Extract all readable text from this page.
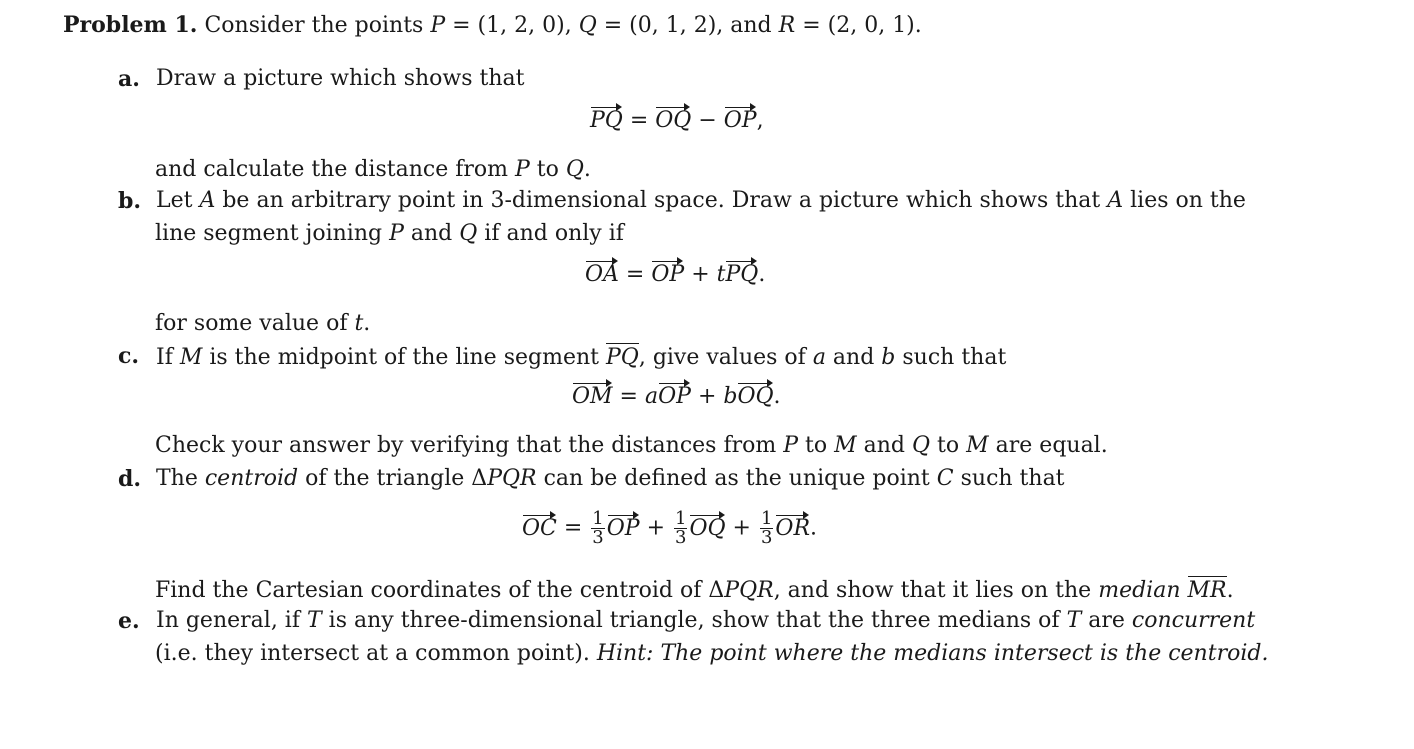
Problem 1. Consider the points P = (1, 2, 0), Q = (0, 1, 2), and R = (2, 0, 1).
a. Draw a picture which shows that
PQ = OQ − OP,
and calculate the distance from P to Q.
b. Let A be an arbitrary point in 3-dimensional space. Draw a picture which shows that A lies on the
line segment joining P and Q if and only if
OA = OP + tPQ.
for some value of t.
c. If M is the midpoint of the line segment PQ, give values of a and b such that
OM = aOP + bOQ.
Check your answer by verifying that the distances from P to M and Q to M are equal.
d. The centroid of the triangle ΔPQR can be defined as the unique point C such that
OC = $\frac{1}{3}$ OP + $\frac{1}{3}$ OQ + $\frac{1}{3}$ OR.
Find the Cartesian coordinates of the centroid of ΔPQR, and show that it lies on the median MR.
e. In general, if T is any three-dimensional triangle, show that the three medians of T are concurrent
(i.e. they intersect at a common point). Hint: The point where the medians intersect is the centroid.
